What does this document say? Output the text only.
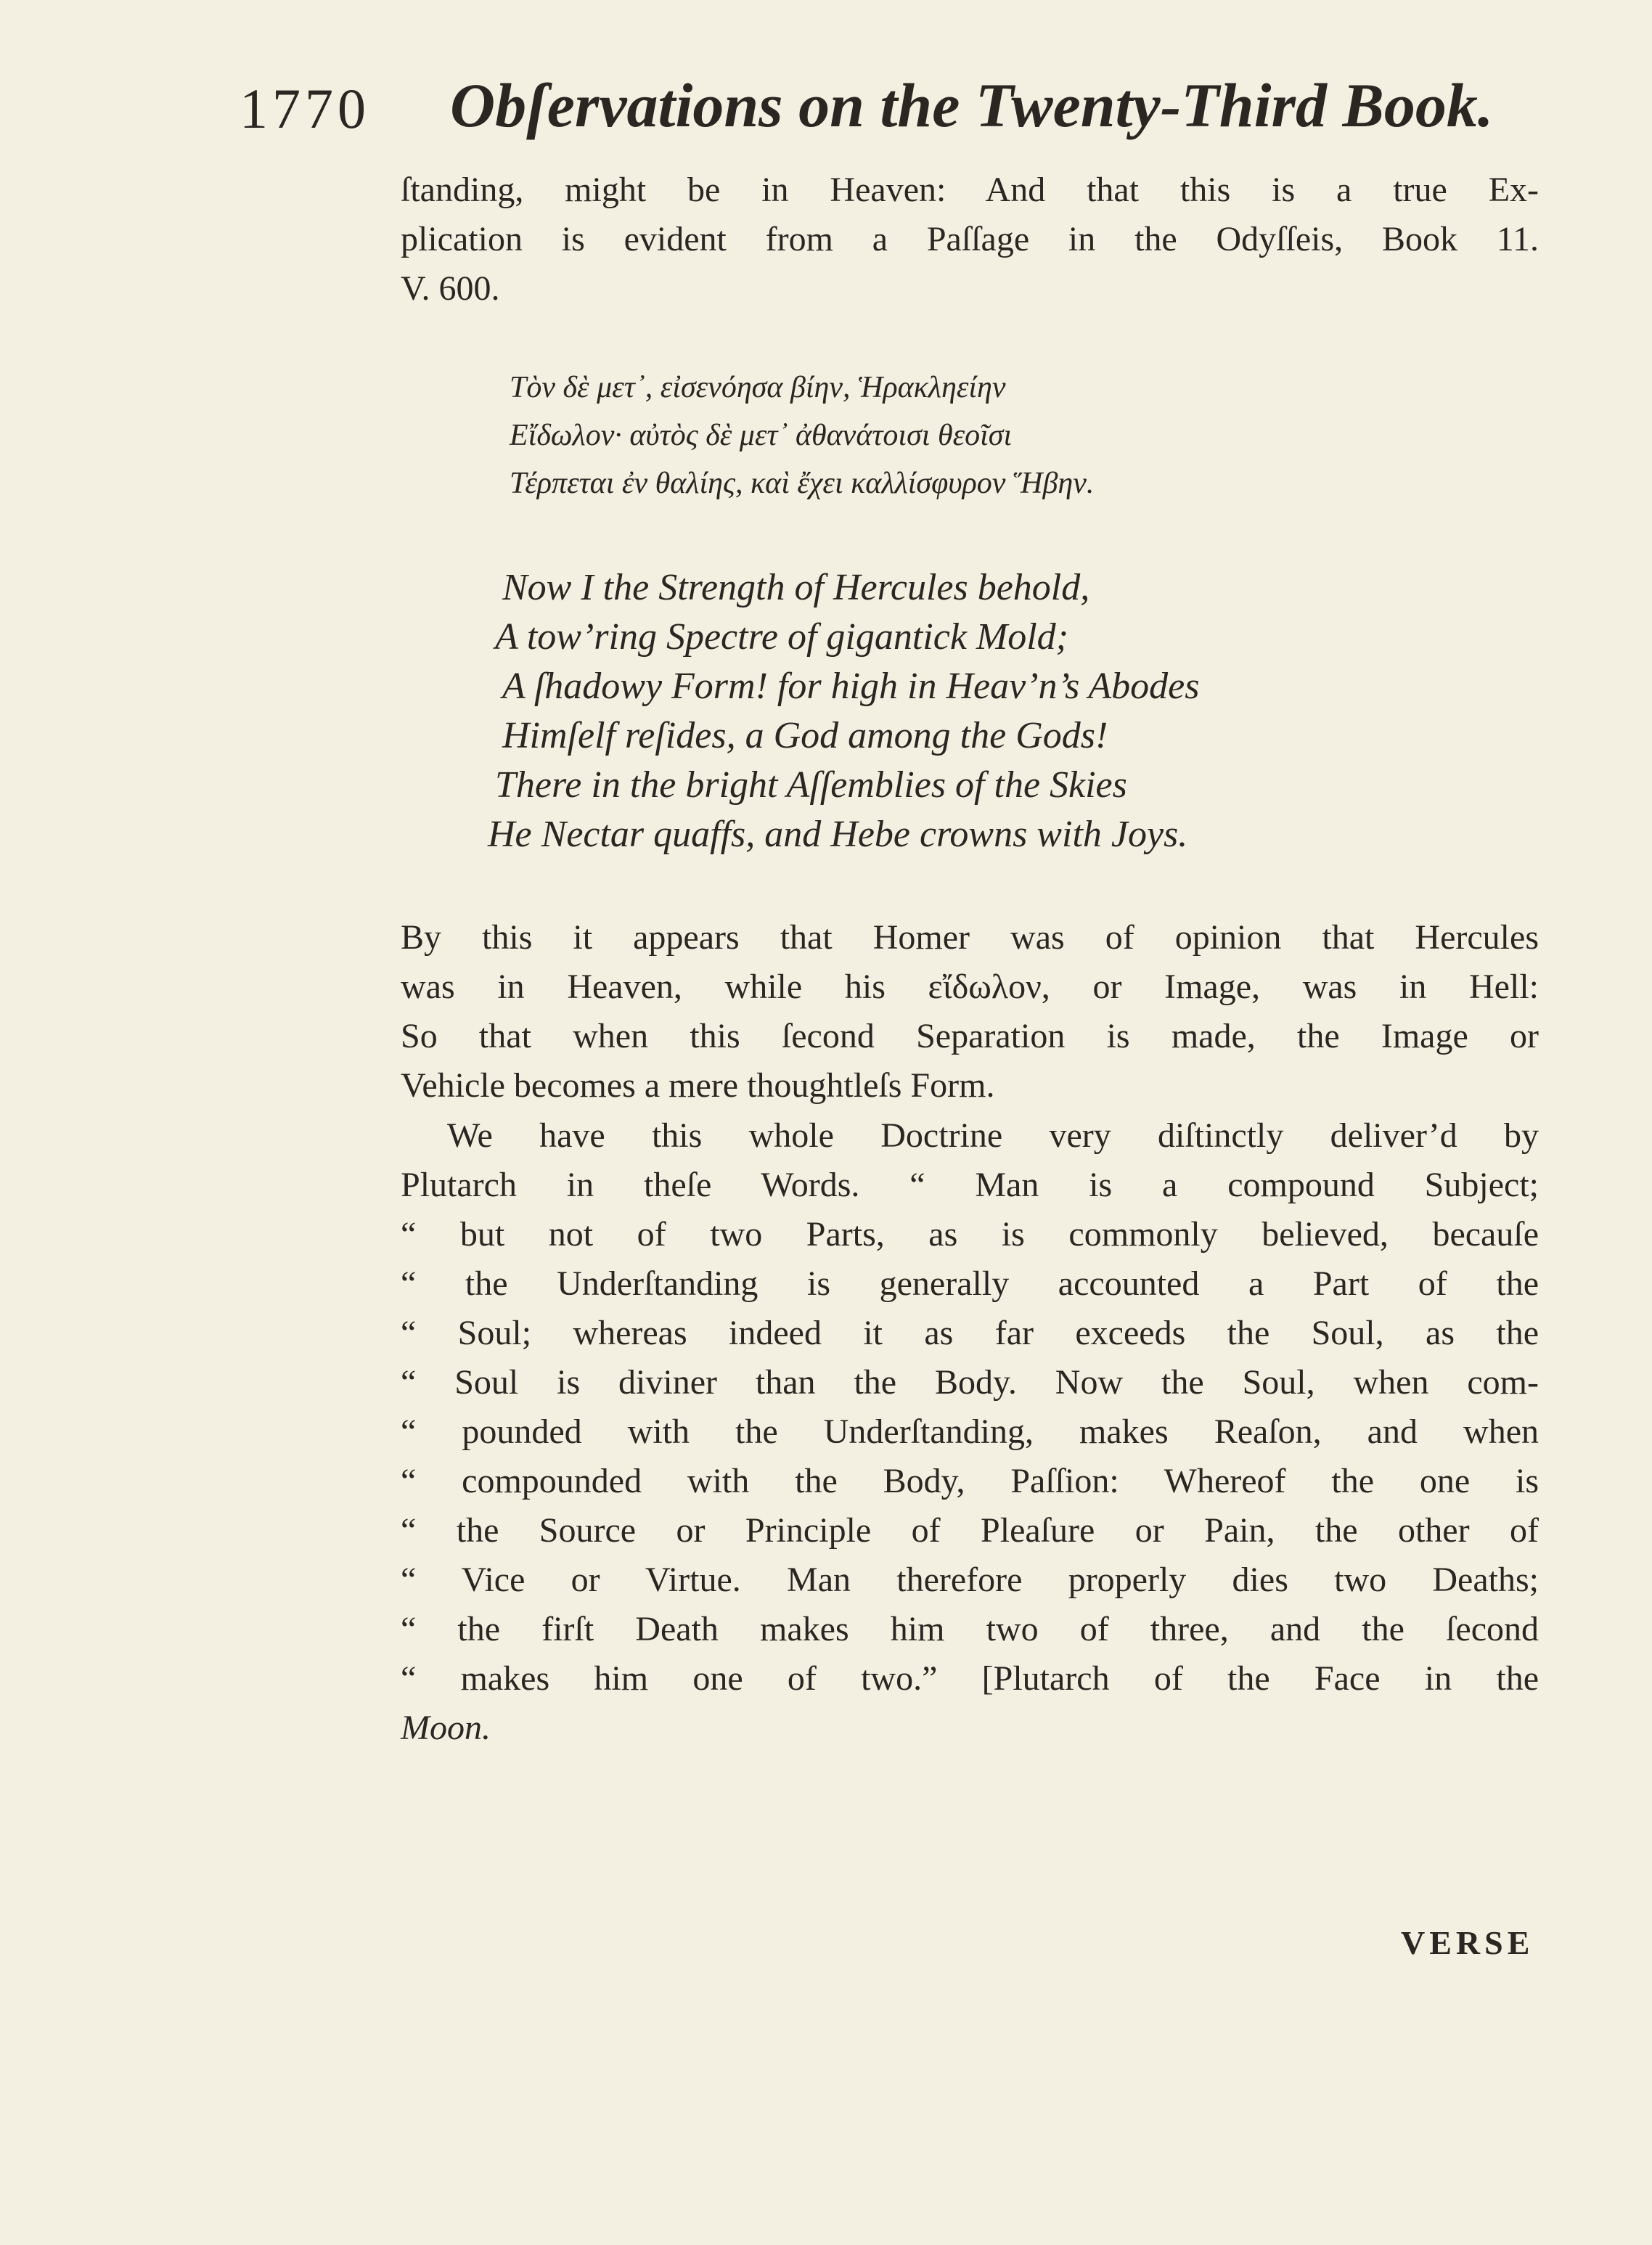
1770 Obſervations on the Twenty-Third Book.
ſtanding, might be in Heaven: And that this is a true Ex-
plication is evident from a Paſſage in the Odyſſeis, Book 11.
V. 600.
Τὸν δὲ μετ᾽, εἰσενόησα βίην, Ἡρακληείην
Εἴδωλον· αὐτὸς δὲ μετ᾽ ἀθανάτοισι θεοῖσι
Τέρπεται ἐν θαλίης, καὶ ἔχει καλλίσφυρον Ἥβην.
Now I the Strength of Hercules behold,
A tow’ring Spectre of gigantick Mold;
A ſhadowy Form! for high in Heav’n’s Abodes
Himſelf reſides, a God among the Gods!
There in the bright Aſſemblies of the Skies
He Nectar quaffs, and Hebe crowns with Joys.
By this it appears that Homer was of opinion that Hercules
was in Heaven, while his εἴδωλον, or Image, was in Hell:
So that when this ſecond Separation is made, the Image or
Vehicle becomes a mere thoughtleſs Form.
We have this whole Doctrine very diſtinctly deliver’d by
Plutarch in theſe Words. “ Man is a compound Subject;
“ but not of two Parts, as is commonly believed, becauſe
“ the Underſtanding is generally accounted a Part of the
“ Soul; whereas indeed it as far exceeds the Soul, as the
“ Soul is diviner than the Body. Now the Soul, when com-
“ pounded with the Underſtanding, makes Reaſon, and when
“ compounded with the Body, Paſſion: Whereof the one is
“ the Source or Principle of Pleaſure or Pain, the other of
“ Vice or Virtue. Man therefore properly dies two Deaths;
“ the firſt Death makes him two of three, and the ſecond
“ makes him one of two.” [Plutarch of the Face in the
Moon.
VERSE
